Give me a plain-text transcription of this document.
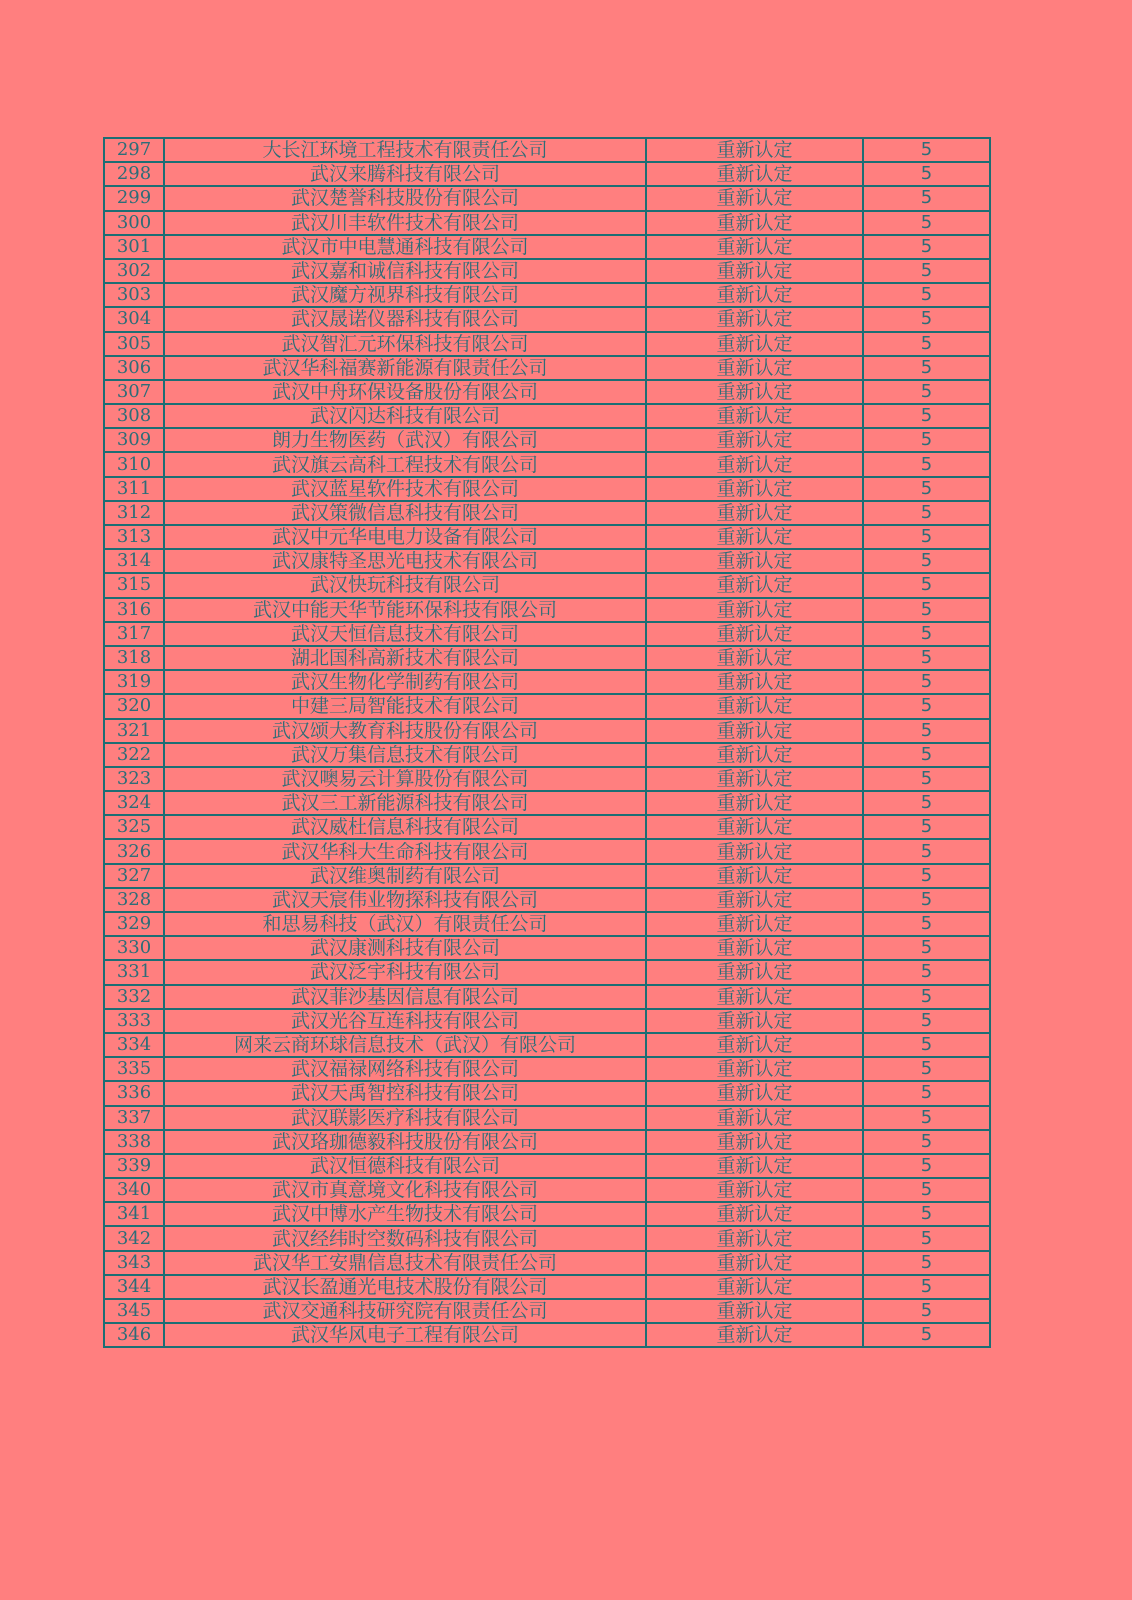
297	大长江环境工程技术有限责任公司	重新认定	5
298	武汉来腾科技有限公司	重新认定	5
299	武汉楚誉科技股份有限公司	重新认定	5
300	武汉川丰软件技术有限公司	重新认定	5
301	武汉市中电慧通科技有限公司	重新认定	5
302	武汉嘉和诚信科技有限公司	重新认定	5
303	武汉魔方视界科技有限公司	重新认定	5
304	武汉晟诺仪器科技有限公司	重新认定	5
305	武汉智汇元环保科技有限公司	重新认定	5
306	武汉华科福赛新能源有限责任公司	重新认定	5
307	武汉中舟环保设备股份有限公司	重新认定	5
308	武汉闪达科技有限公司	重新认定	5
309	朗力生物医药（武汉）有限公司	重新认定	5
310	武汉旗云高科工程技术有限公司	重新认定	5
311	武汉蓝星软件技术有限公司	重新认定	5
312	武汉策微信息科技有限公司	重新认定	5
313	武汉中元华电电力设备有限公司	重新认定	5
314	武汉康特圣思光电技术有限公司	重新认定	5
315	武汉快玩科技有限公司	重新认定	5
316	武汉中能天华节能环保科技有限公司	重新认定	5
317	武汉天恒信息技术有限公司	重新认定	5
318	湖北国科高新技术有限公司	重新认定	5
319	武汉生物化学制药有限公司	重新认定	5
320	中建三局智能技术有限公司	重新认定	5
321	武汉颂大教育科技股份有限公司	重新认定	5
322	武汉万集信息技术有限公司	重新认定	5
323	武汉噢易云计算股份有限公司	重新认定	5
324	武汉三工新能源科技有限公司	重新认定	5
325	武汉威杜信息科技有限公司	重新认定	5
326	武汉华科大生命科技有限公司	重新认定	5
327	武汉维奥制药有限公司	重新认定	5
328	武汉天宸伟业物探科技有限公司	重新认定	5
329	和思易科技（武汉）有限责任公司	重新认定	5
330	武汉康测科技有限公司	重新认定	5
331	武汉泛宇科技有限公司	重新认定	5
332	武汉菲沙基因信息有限公司	重新认定	5
333	武汉光谷互连科技有限公司	重新认定	5
334	网来云商环球信息技术（武汉）有限公司	重新认定	5
335	武汉福禄网络科技有限公司	重新认定	5
336	武汉天禹智控科技有限公司	重新认定	5
337	武汉联影医疗科技有限公司	重新认定	5
338	武汉珞珈德毅科技股份有限公司	重新认定	5
339	武汉恒德科技有限公司	重新认定	5
340	武汉市真意境文化科技有限公司	重新认定	5
341	武汉中博水产生物技术有限公司	重新认定	5
342	武汉经纬时空数码科技有限公司	重新认定	5
343	武汉华工安鼎信息技术有限责任公司	重新认定	5
344	武汉长盈通光电技术股份有限公司	重新认定	5
345	武汉交通科技研究院有限责任公司	重新认定	5
346	武汉华风电子工程有限公司	重新认定	5
